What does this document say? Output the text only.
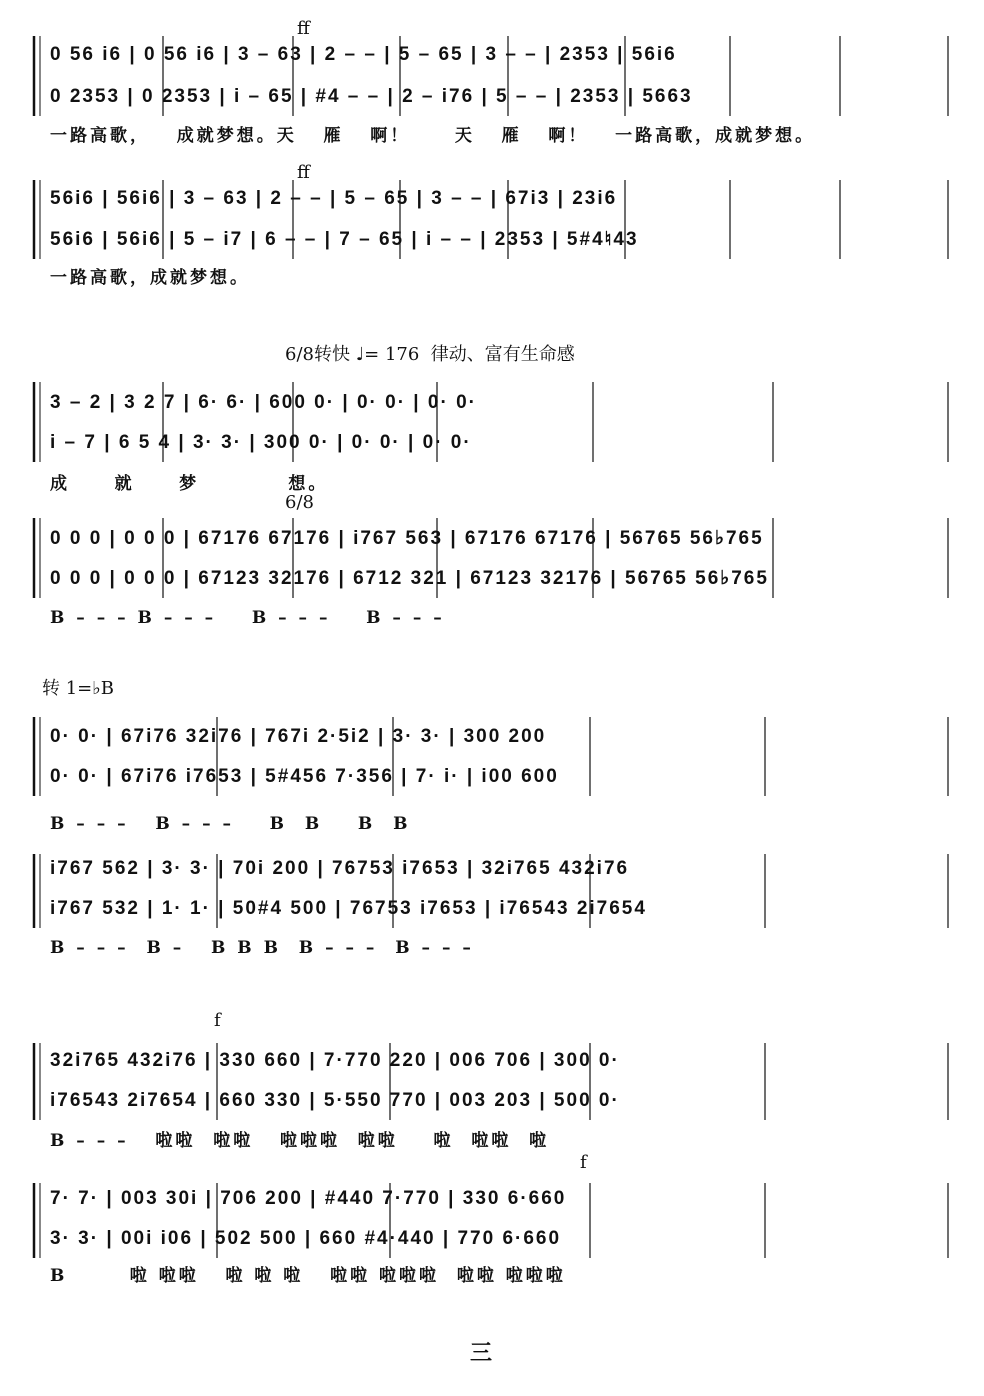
0 56 i6 | 0 56 i6 | 3 – 63 | 2 – – | 5 – 65 | 3 – – | 2353 | 56i6
0 2353 | 0 2353 | i – 65 | #4 – – | 2 – i76 | 5 – – | 2353 | 5663
一路高歌，   成就梦想。天   雁   啊！     天   雁   啊！   一路高歌，成就梦想。
56i6 | 56i6 | 3 – 63 | 2 – – | 5 – 65 | 3 – – | 67i3 | 23i6
56i6 | 56i6 | 5 – i7 | 6 – – | 7 – 65 | i – – | 2353 | 5#4♮43
一路高歌，成就梦想。
3 – 2 | 3 2 7 | 6· 6· | 600 0· | 0· 0· | 0· 0·
i – 7 | 6 5 4 | 3· 3· | 300 0· | 0· 0· | 0· 0·
成     就     梦          想。
0 0 0 | 0 0 0 | 67176 67176 | i767 563 | 67176 67176 | 56765 56♭765
0 0 0 | 0 0 0 | 67123 32176 | 6712 321 | 67123 32176 | 56765 56♭765
B – – – B – – –    B – – –    B – – –
0· 0· | 67i76 32i76 | 767i 2·5i2 | 3· 3· | 300 200
0· 0· | 67i76 i7653 | 5#456 7·356 | 7· i· | i00 600
B – – –   B – – –    B  B    B  B
i767 562 | 3· 3· | 70i 200 | 76753 i7653 | 32i765 432i76
i767 532 | 1· 1· | 50#4 500 | 76753 i7653 | i76543 2i7654
B – – –  B –   B B B  B – – –  B – – –
32i765 432i76 | 330 660 | 7·770 220 | 006 706 | 300 0·
i76543 2i7654 | 660 330 | 5·550 770 | 003 203 | 500 0·
B – – –   啦啦  啦啦   啦啦啦  啦啦    啦  啦啦  啦
7· 7· | 003 30i | 706 200 | #440 7·770 | 330 6·660
3· 3· | 00i i06 | 502 500 | 660 #4·440 | 770 6·660
B       啦 啦啦   啦 啦 啦   啦啦 啦啦啦  啦啦 啦啦啦
ff
ff
6/8转快 ♩= 176  律动、富有生命感
6/8
转 1=♭B
f
f
三
